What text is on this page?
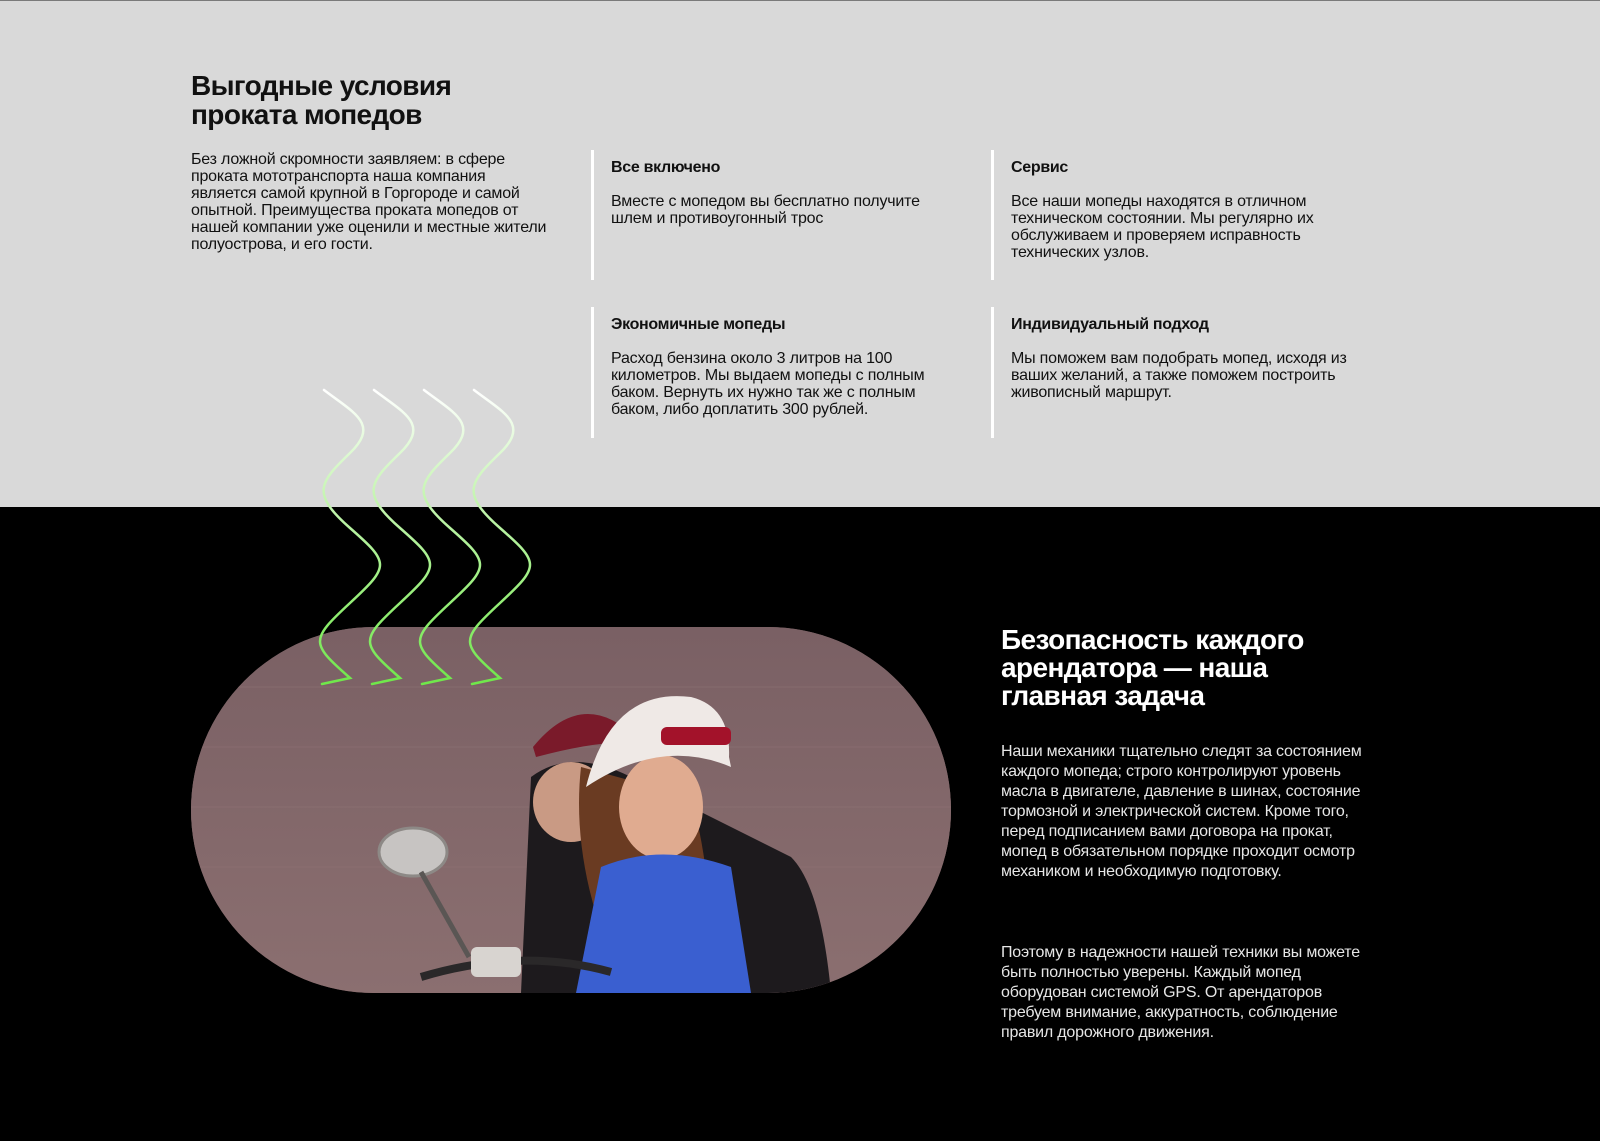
Выгодные условия проката мопедов

Без ложной скромности заявляем: в сфере проката мототранспорта наша компания является самой крупной в Горгороде и самой опытной. Преимущества проката мопедов от нашей компании уже оценили и местные жители полуострова, и его гости.

Все включено
Вместе с мопедом вы бесплатно получите шлем и противоугонный трос
Сервис
Все наши мопеды находятся в отличном техническом состоянии. Мы регулярно их обслуживаем и проверяем исправность технических узлов.
Экономичные мопеды
Расход бензина около 3 литров на 100 километров. Мы выдаем мопеды с полным баком. Вернуть их нужно так же с полным баком, либо доплатить 300 рублей.
Индивидуальный подход
Мы поможем вам подобрать мопед, исходя из ваших желаний, а также поможем построить живописный маршрут.
Безопасность каждого арендатора — наша главная задача

Наши механики тщательно следят за состоянием каждого мопеда; строго контролируют уровень масла в двигателе, давление в шинах, состояние тормозной и электрической систем. Кроме того, перед подписанием вами договора на прокат, мопед в обязательном порядке проходит осмотр механиком и необходимую подготовку.

Поэтому в надежности нашей техники вы можете быть полностью уверены. Каждый мопед оборудован системой GPS. От арендаторов требуем внимание, аккуратность, соблюдение правил дорожного движения.
